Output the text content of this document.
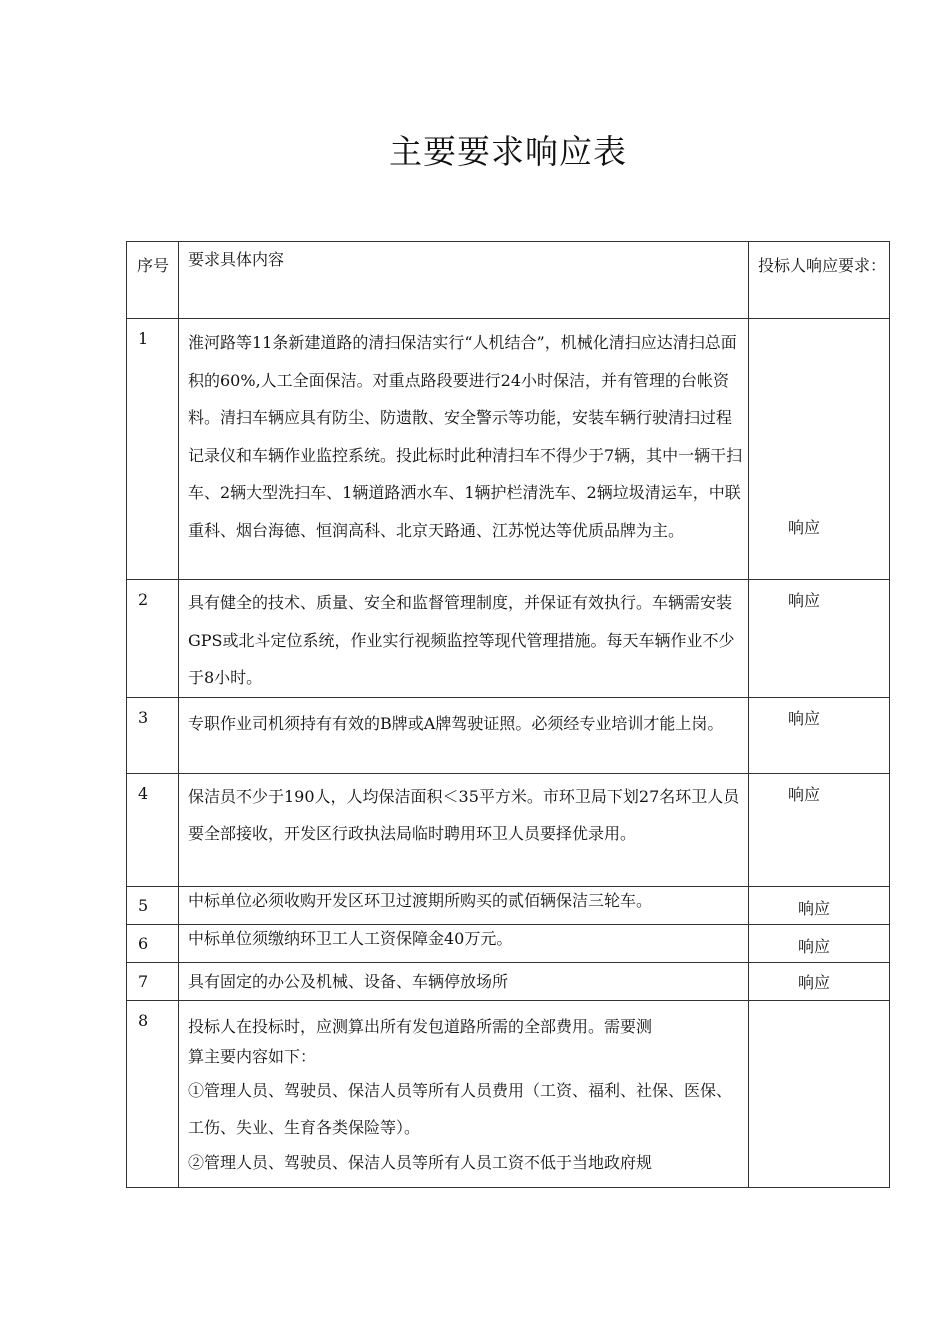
主要要求响应表
序号	要求具体内容	投标人响应要求：
1	淮河路等11条新建道路的清扫保洁实行“人机结合”，机械化清扫应达清扫总面积的60%,人工全面保洁。对重点路段要进行24小时保洁，并有管理的台帐资料。清扫车辆应具有防尘、防遗散、安全警示等功能，安装车辆行驶清扫过程记录仪和车辆作业监控系统。投此标时此种清扫车不得少于7辆，其中一辆干扫车、2辆大型洗扫车、1辆道路洒水车、1辆护栏清洗车、2辆垃圾清运车，中联重科、烟台海德、恒润高科、北京天路通、江苏悦达等优质品牌为主。	响应

2	具有健全的技术、质量、安全和监督管理制度，并保证有效执行。车辆需安装GPS或北斗定位系统，作业实行视频监控等现代管理措施。每天车辆作业不少于8小时。	响应

3	专职作业司机须持有有效的B牌或A牌驾驶证照。必须经专业培训才能上岗。	响应

4	保洁员不少于190人，人均保洁面积＜35平方米。市环卫局下划27名环卫人员要全部接收，开发区行政执法局临时聘用环卫人员要择优录用。	响应

5	中标单位必须收购开发区环卫过渡期所购买的贰佰辆保洁三轮车。	响应

6	中标单位须缴纳环卫工人工资保障金40万元。	响应

7	具有固定的办公及机械、设备、车辆停放场所	响应

8	投标人在投标时，应测算出所有发包道路所需的全部费用。需要测

算主要内容如下：

①管理人员、驾驶员、保洁人员等所有人员费用（工资、福利、社保、医保、工伤、失业、生育各类保险等）。

②管理人员、驾驶员、保洁人员等所有人员工资不低于当地政府规	
